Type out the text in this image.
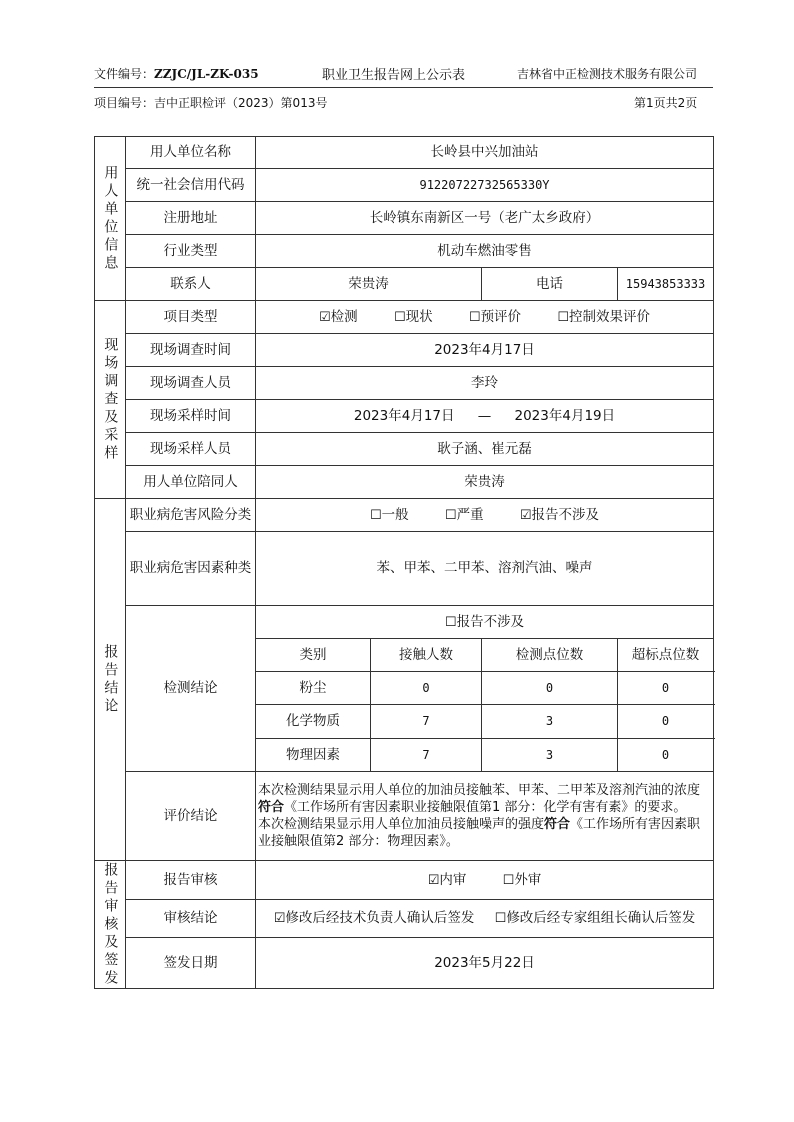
文件编号：ZZJC/JL-ZK-035	职业卫生报告网上公示表	吉林省中正检测技术服务有限公司
项目编号：吉中正职检评（2023）第013号	第1页共2页
用人单位信息	用人单位名称	长岭县中兴加油站			
	统一社会信用代码	91220722732565330Y			
	注册地址	长岭镇东南新区一号（老广太乡政府）			
	行业类型	机动车燃油零售			
	联系人	荣贵涛		电话	15943853333
现场调查及采样	项目类型	☑检测 ☐现状 ☐预评价 ☐控制效果评价			
	现场调查时间	2023年4月17日			
	现场调查人员	李玲			
	现场采样时间	2023年4月17日 — 2023年4月19日			
	现场采样人员	耿子涵、崔元磊			
	用人单位陪同人	荣贵涛			
报告结论	职业病危害风险分类	☐一般 ☐严重 ☑报告不涉及			
	职业病危害因素种类	苯、甲苯、二甲苯、溶剂汽油、噪声			
	检测结论	☐报告不涉及			
		类别	接触人数	检测点位数	超标点位数
		粉尘	0	0	0
		化学物质	7	3	0
		物理因素	7	3	0
	评价结论	本次检测结果显示用人单位的加油员接触苯、甲苯、二甲苯及溶剂汽油的浓度符合《工作场所有害因素职业接触限值第1 部分：化学有害有素》的要求。
本次检测结果显示用人单位加油员接触噪声的强度符合《工作场所有害因素职业接触限值第2 部分：物理因素》。			

报告审核及签发	报告审核	☑内审 ☐外审			
	审核结论	☑修改后经技术负责人确认后签发 ☐修改后经专家组组长确认后签发			
	签发日期	2023年5月22日			
